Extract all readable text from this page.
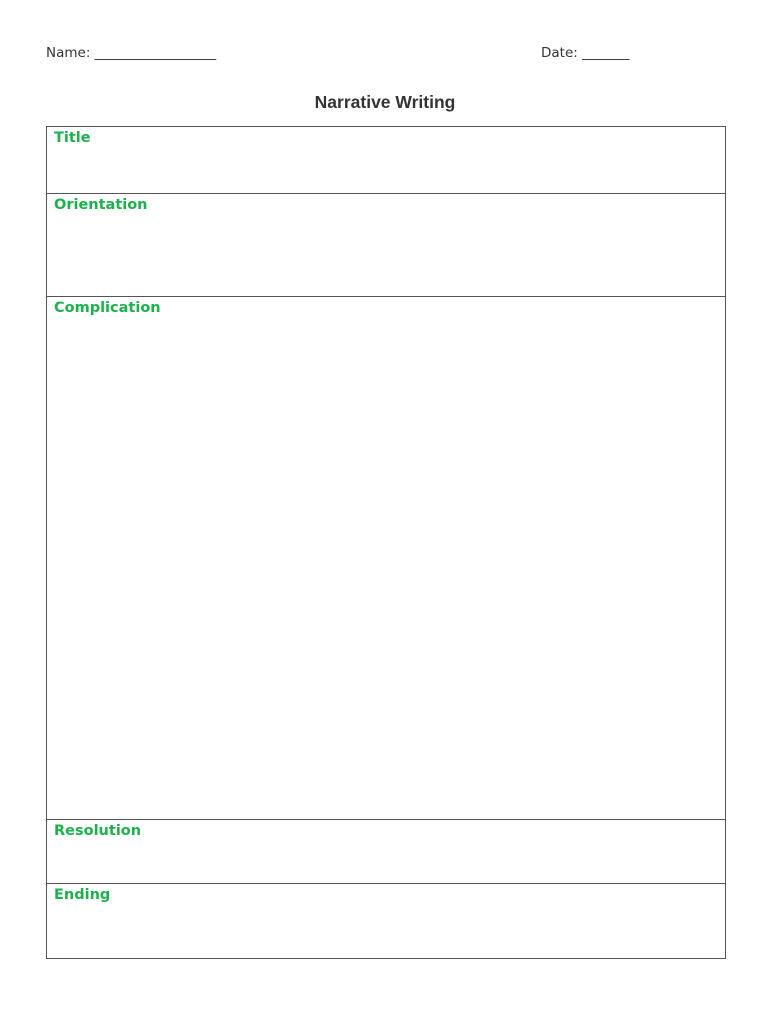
Name: __________________	Date: _______
Narrative Writing
Title
Orientation
Complication
Resolution
Ending
